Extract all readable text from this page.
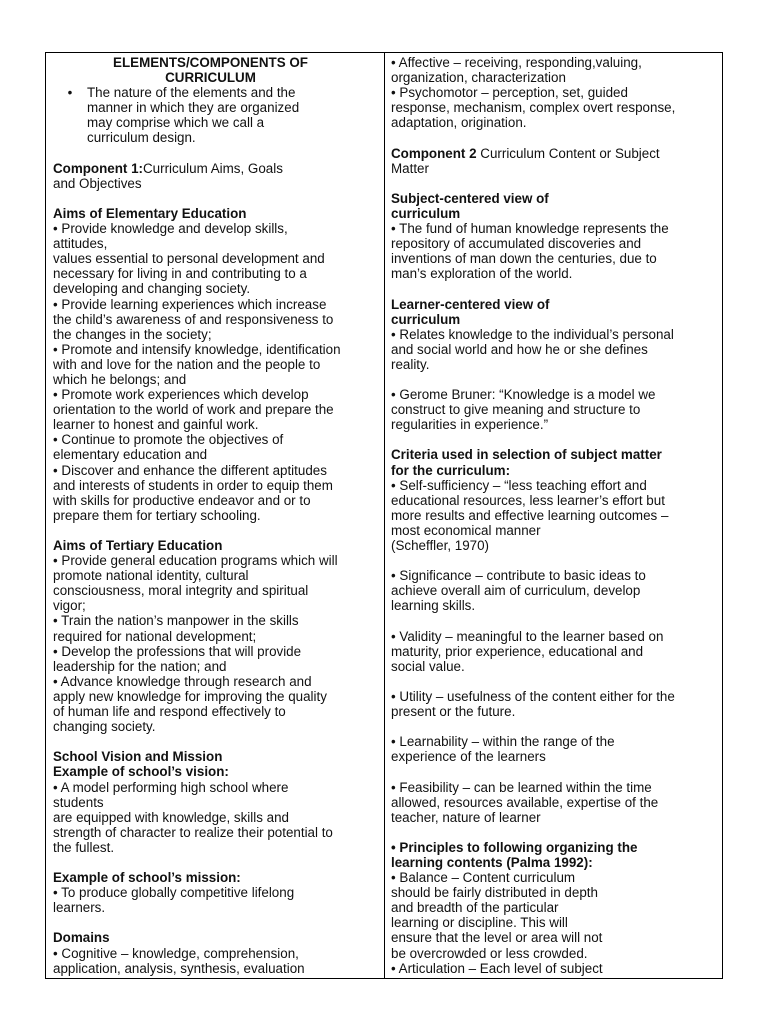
ELEMENTS/COMPONENTS OF
CURRICULUM
•	The nature of the elements and the
manner in which they are organized
may comprise which we call a
curriculum design.

Component 1:Curriculum Aims, Goals
and Objectives

Aims of Elementary Education

• Provide knowledge and develop skills,
attitudes,
values essential to personal development and
necessary for living in and contributing to a
developing and changing society.

• Provide learning experiences which increase
the child’s awareness of and responsiveness to
the changes in the society;

• Promote and intensify knowledge, identification
with and love for the nation and the people to
which he belongs; and

• Promote work experiences which develop
orientation to the world of work and prepare the
learner to honest and gainful work.

• Continue to promote the objectives of
elementary education and

• Discover and enhance the different aptitudes
and interests of students in order to equip them
with skills for productive endeavor and or to
prepare them for tertiary schooling.

Aims of Tertiary Education

• Provide general education programs which will
promote national identity, cultural
consciousness, moral integrity and spiritual
vigor;

• Train the nation’s manpower in the skills
required for national development;

• Develop the professions that will provide
leadership for the nation; and

• Advance knowledge through research and
apply new knowledge for improving the quality
of human life and respond effectively to
changing society.

School Vision and Mission

Example of school’s vision:

• A model performing high school where
students
are equipped with knowledge, skills and
strength of character to realize their potential to
the fullest.

Example of school’s mission:

• To produce globally competitive lifelong
learners.

Domains

• Cognitive – knowledge, comprehension,
application, analysis, synthesis, evaluation

• Affective – receiving, responding,valuing,
organization, characterization

• Psychomotor – perception, set, guided
response, mechanism, complex overt response,
adaptation, origination.

Component 2 Curriculum Content or Subject
Matter

Subject-centered view of
curriculum

• The fund of human knowledge represents the
repository of accumulated discoveries and
inventions of man down the centuries, due to
man’s exploration of the world.

Learner-centered view of
curriculum

• Relates knowledge to the individual’s personal
and social world and how he or she defines
reality.

• Gerome Bruner: “Knowledge is a model we
construct to give meaning and structure to
regularities in experience.”

Criteria used in selection of subject matter
for the curriculum:

• Self-sufficiency – “less teaching effort and
educational resources, less learner’s effort but
more results and effective learning outcomes –
most economical manner
(Scheffler, 1970)

• Significance – contribute to basic ideas to
achieve overall aim of curriculum, develop
learning skills.

• Validity – meaningful to the learner based on
maturity, prior experience, educational and
social value.

• Utility – usefulness of the content either for the
present or the future.

• Learnability – within the range of the
experience of the learners

• Feasibility – can be learned within the time
allowed, resources available, expertise of the
teacher, nature of learner

• Principles to following organizing the
learning contents (Palma 1992):

• Balance – Content curriculum
should be fairly distributed in depth
and breadth of the particular
learning or discipline. This will
ensure that the level or area will not
be overcrowded or less crowded.

• Articulation – Each level of subject
